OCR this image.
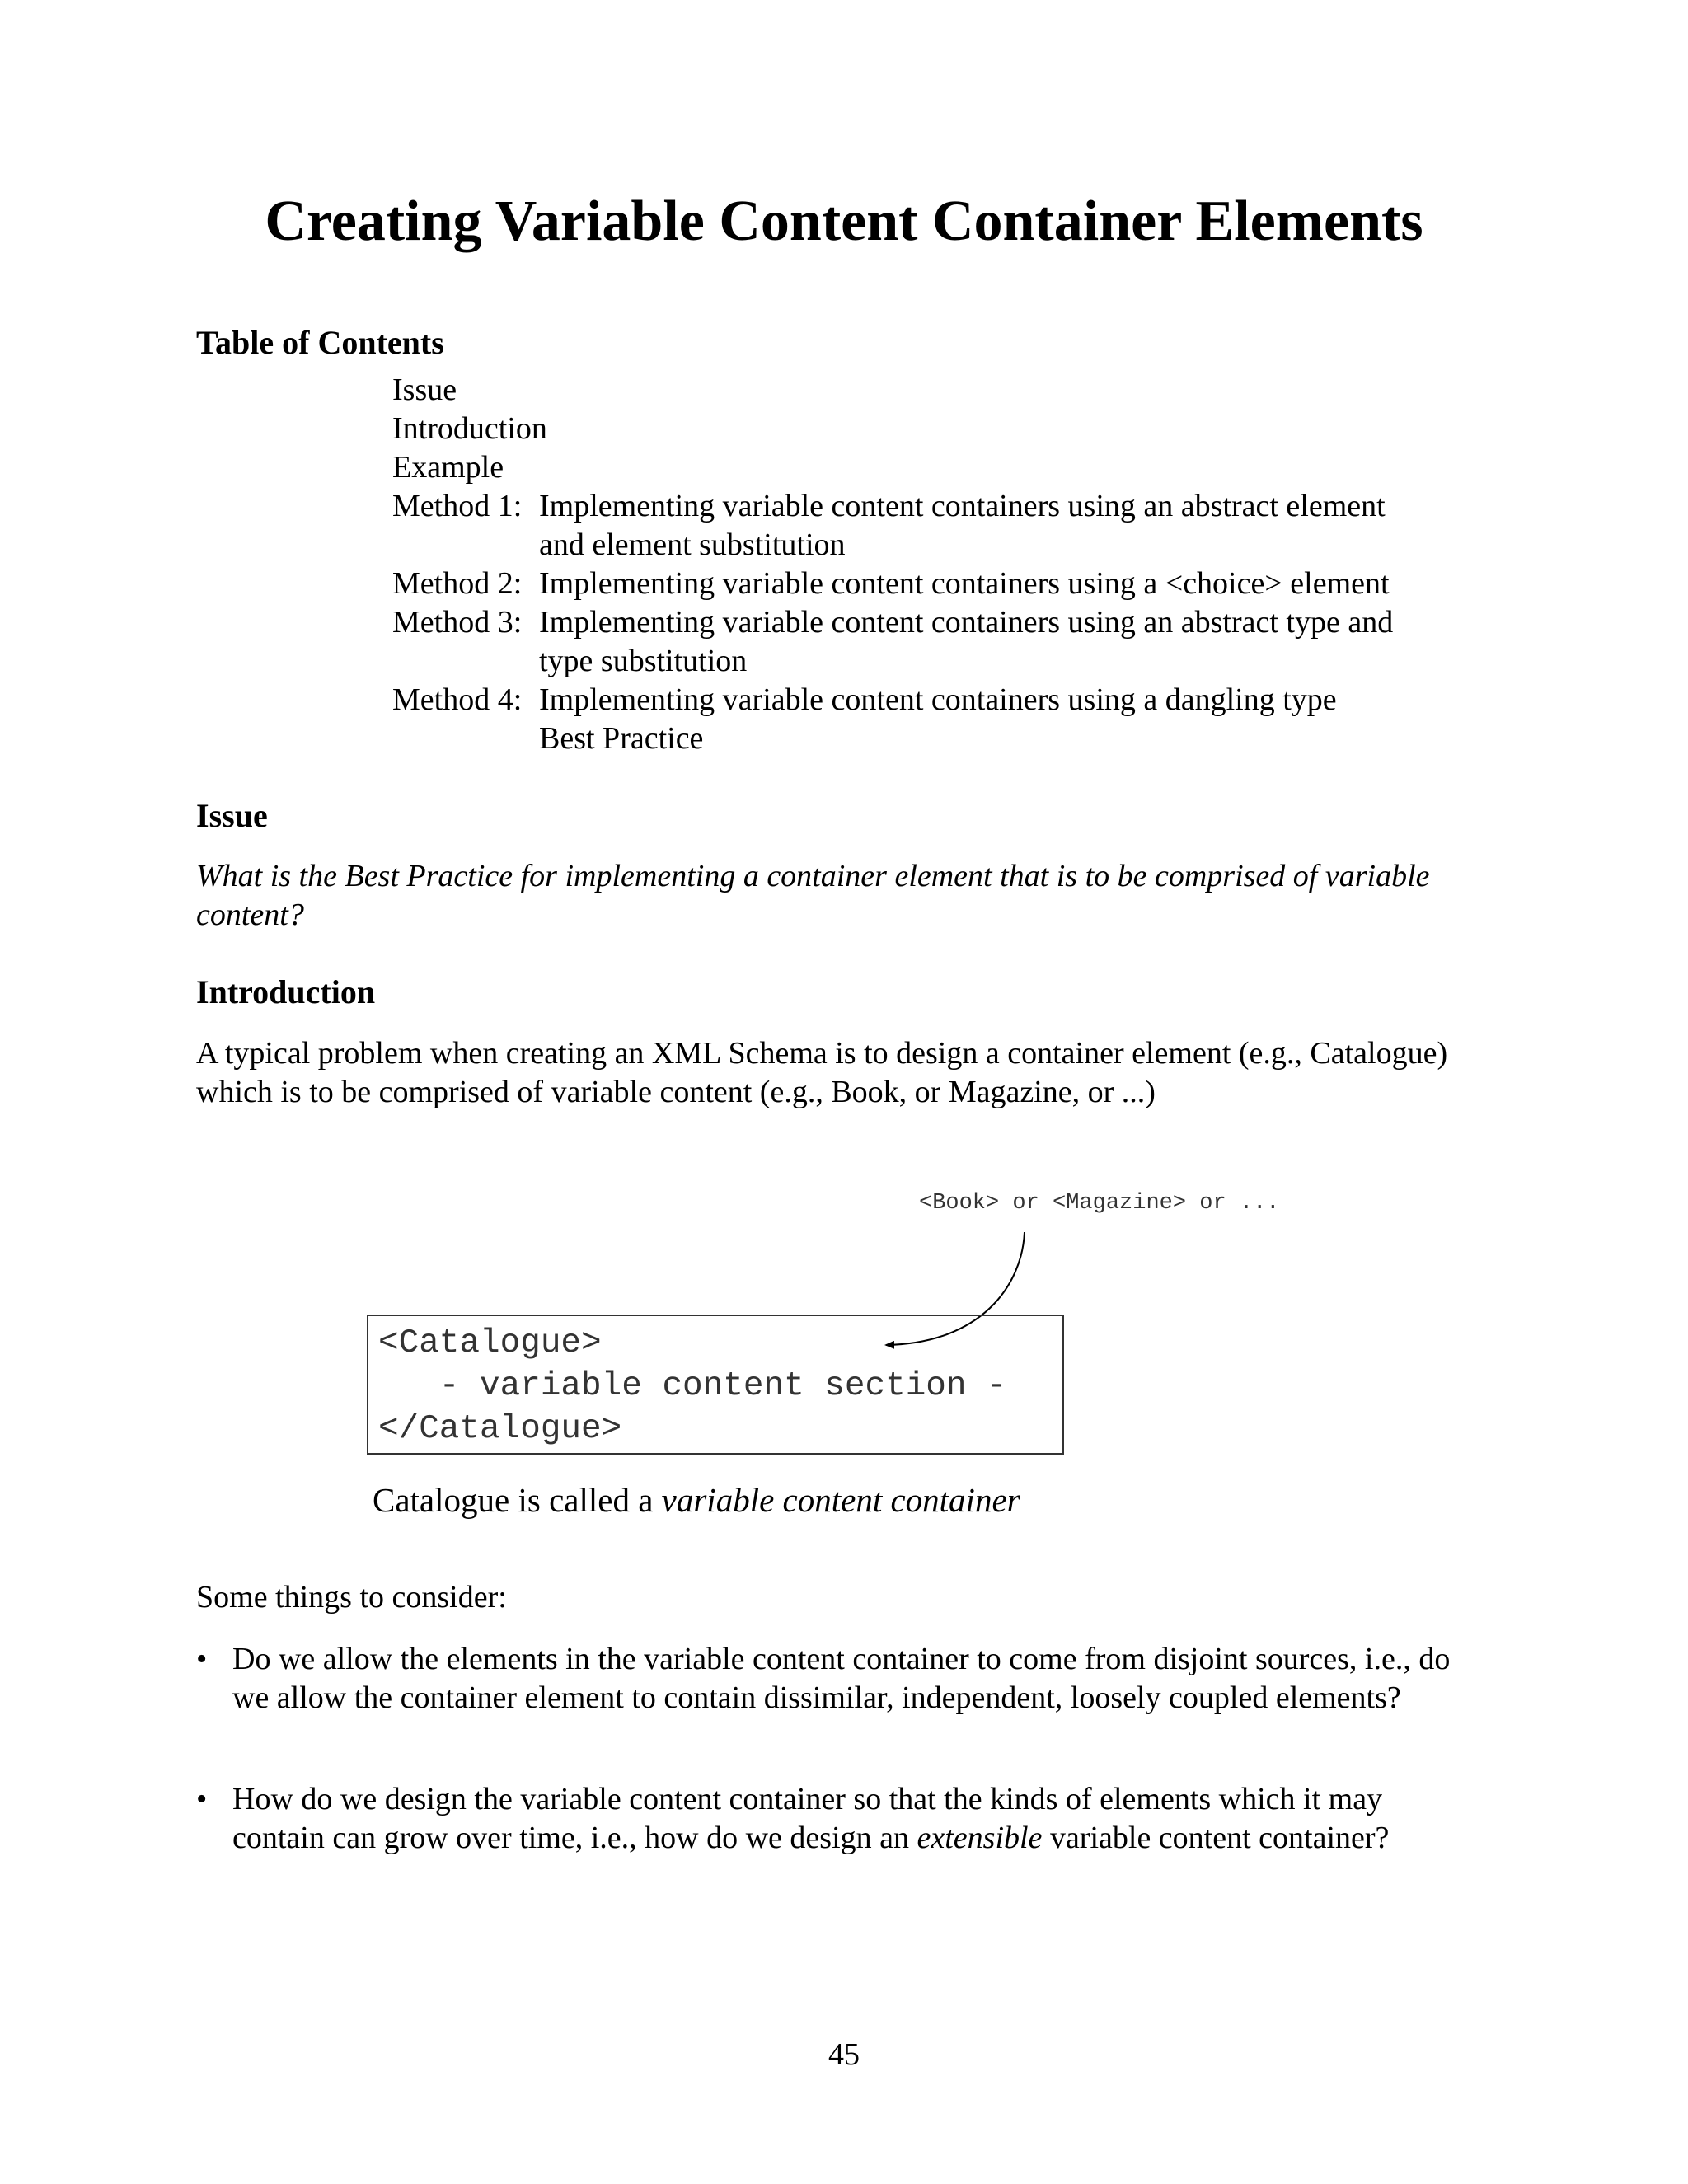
Creating Variable Content Container Elements
Table of Contents
Issue
Introduction
Example
Method 1: Implementing variable content containers using an abstract element
and element substitution
Method 2: Implementing variable content containers using a <choice> element
Method 3: Implementing variable content containers using an abstract type and
type substitution
Method 4: Implementing variable content containers using a dangling type
Best Practice
Issue
What is the Best Practice for implementing a container element that is to be comprised of variable content?
Introduction
A typical problem when creating an XML Schema is to design a container element (e.g., Catalogue) which is to be comprised of variable content (e.g., Book, or Magazine, or ...)
<Book> or <Magazine> or ...
<Catalogue>
- variable content section -
</Catalogue>
Catalogue is called a variable content container
Some things to consider:
• Do we allow the elements in the variable content container to come from disjoint sources, i.e., do we allow the container element to contain dissimilar, independent, loosely coupled elements?
• How do we design the variable content container so that the kinds of elements which it may contain can grow over time, i.e., how do we design an extensible variable content container?
45
